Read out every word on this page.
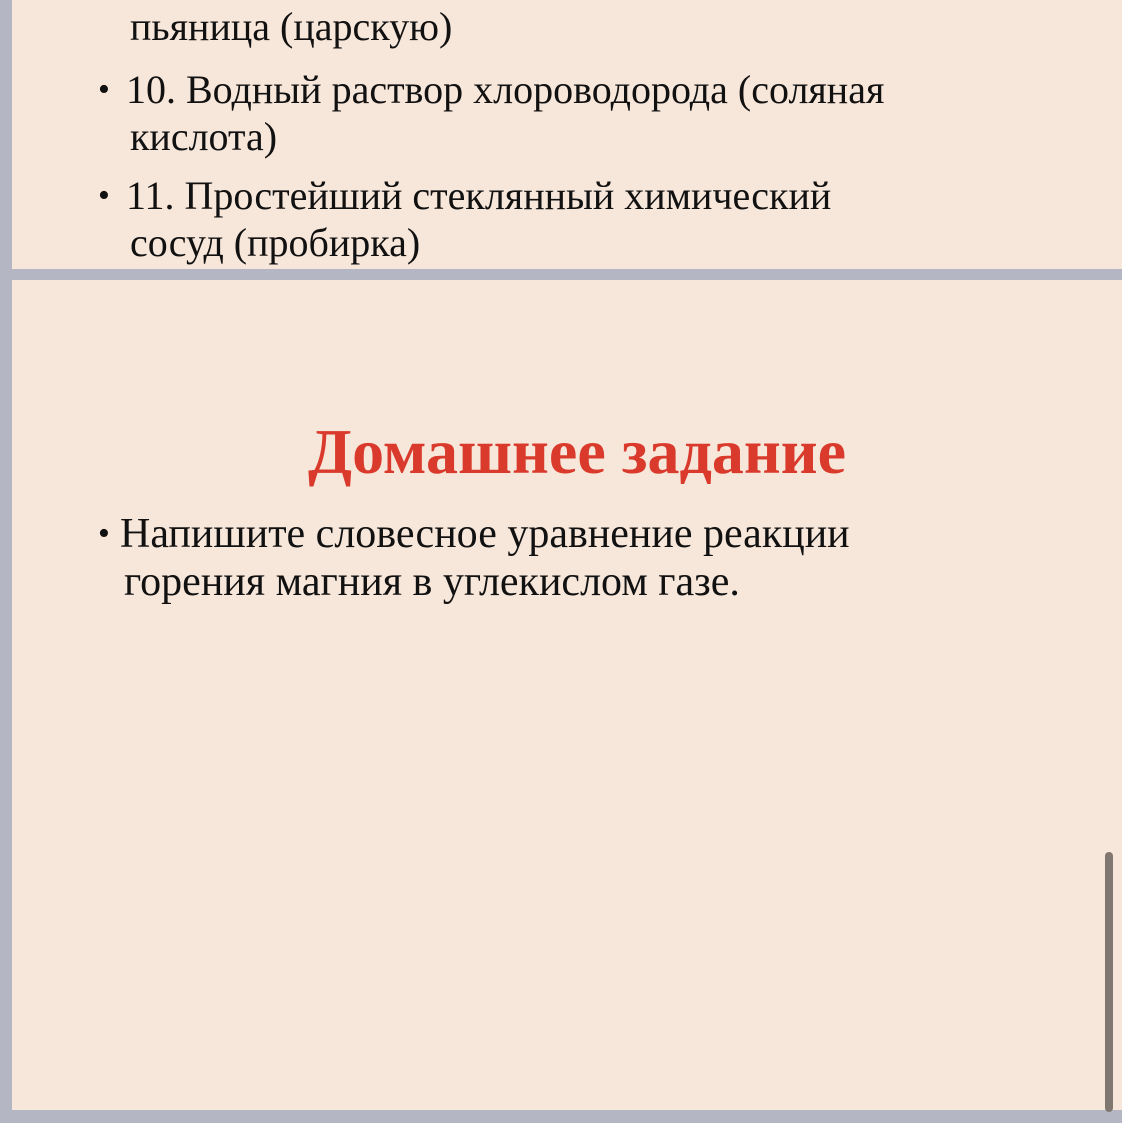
пьяница (царскую)
• 10. Водный раствор хлороводорода (соляная
кислота)
• 11. Простейший стеклянный химический
сосуд (пробирка)
Домашнее задание
• Напишите словесное уравнение реакции
горения магния в углекислом газе.
